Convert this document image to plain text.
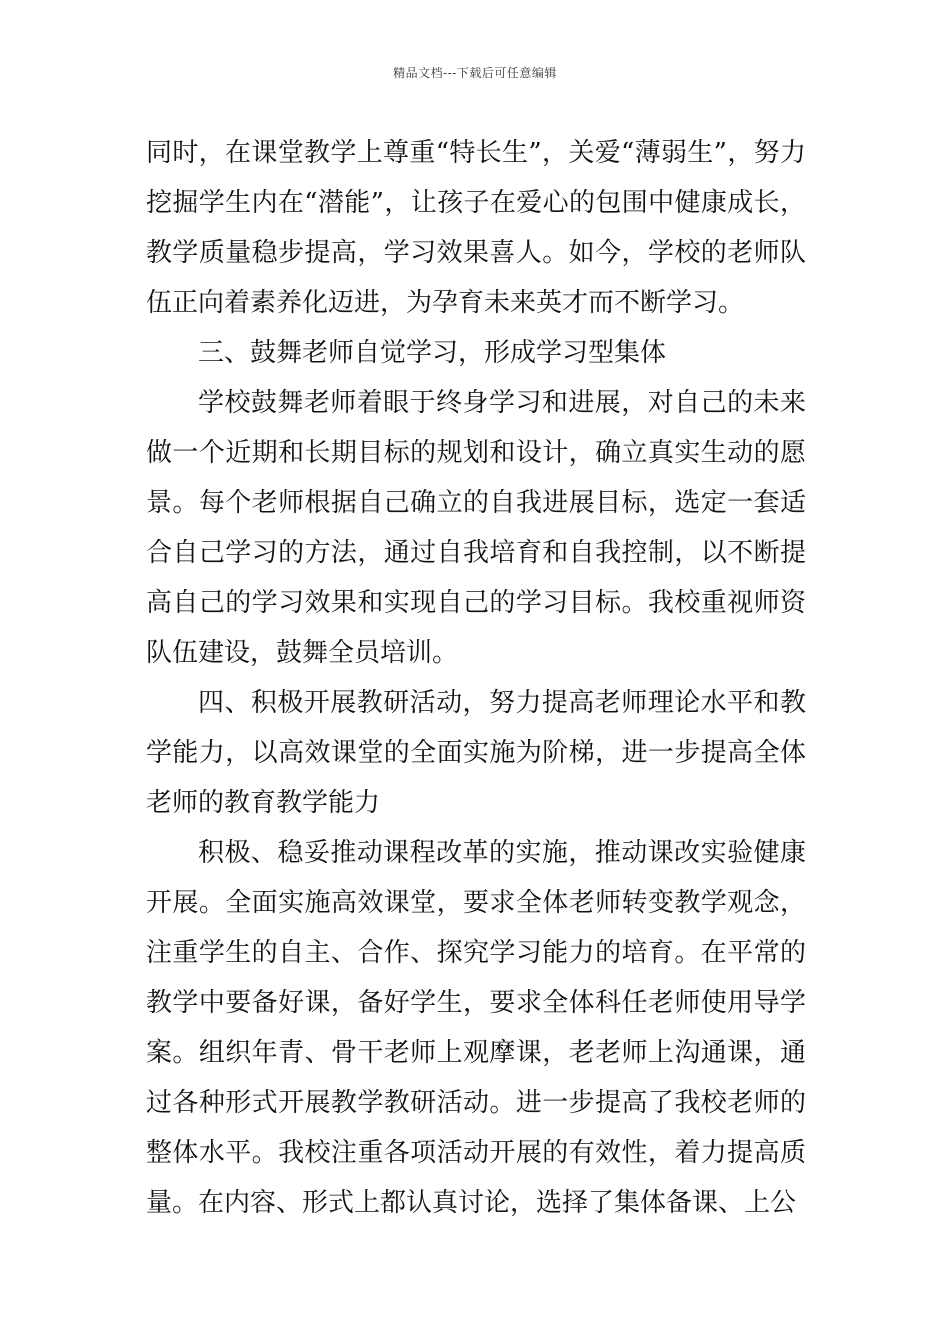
精品文档---下载后可任意编辑

同时，在课堂教学上尊重“特长生”，关爱“薄弱生”，努力挖掘学生内在“潜能”，让孩子在爱心的包围中健康成长，教学质量稳步提高，学习效果喜人。如今，学校的老师队伍正向着素养化迈进，为孕育未来英才而不断学习。

三、鼓舞老师自觉学习，形成学习型集体

学校鼓舞老师着眼于终身学习和进展，对自己的未来做一个近期和长期目标的规划和设计，确立真实生动的愿景。每个老师根据自己确立的自我进展目标，选定一套适合自己学习的方法，通过自我培育和自我控制，以不断提高自己的学习效果和实现自己的学习目标。我校重视师资队伍建设，鼓舞全员培训。

四、积极开展教研活动，努力提高老师理论水平和教学能力，以高效课堂的全面实施为阶梯，进一步提高全体老师的教育教学能力

积极、稳妥推动课程改革的实施，推动课改实验健康开展。全面实施高效课堂，要求全体老师转变教学观念，注重学生的自主、合作、探究学习能力的培育。在平常的教学中要备好课，备好学生，要求全体科任老师使用导学案。组织年青、骨干老师上观摩课，老老师上沟通课，通过各种形式开展教学教研活动。进一步提高了我校老师的整体水平。我校注重各项活动开展的有效性，着力提高质量。在内容、形式上都认真讨论，选择了集体备课、上公
